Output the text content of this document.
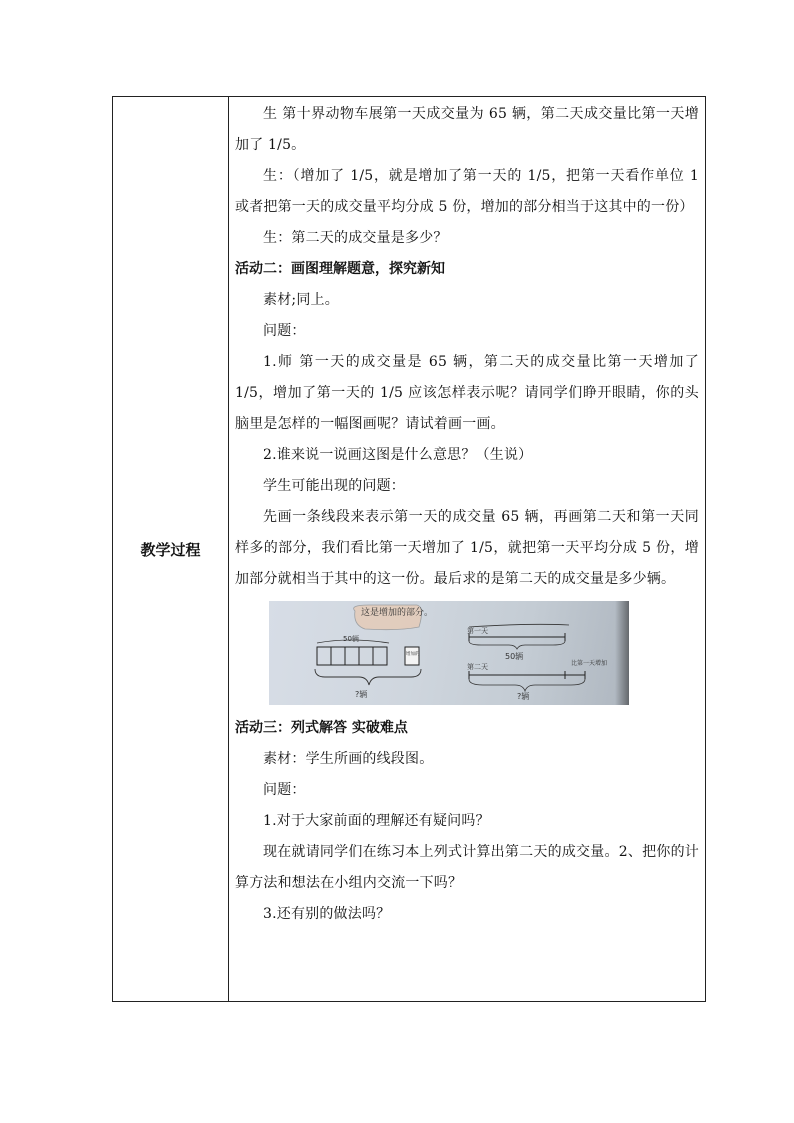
教学过程

生 第十界动物车展第一天成交量为 65 辆，第二天成交量比第一天增加了 1/5。

生：（增加了 1/5，就是增加了第一天的 1/5，把第一天看作单位 1 或者把第一天的成交量平均分成 5 份，增加的部分相当于这其中的一份）

生：第二天的成交量是多少？

活动二：画图理解题意，探究新知

素材;同上。

问题：

1.师 第一天的成交量是 65 辆，第二天的成交量比第一天增加了 1/5，增加了第一天的 1/5 应该怎样表示呢？请同学们睁开眼睛，你的头脑里是怎样的一幅图画呢？请试着画一画。

2.谁来说一说画这图是什么意思？（生说）

学生可能出现的问题：

先画一条线段来表示第一天的成交量 65 辆，再画第二天和第一天同样多的部分，我们看比第一天增加了 1/5，就把第一天平均分成 5 份，增加部分就相当于其中的这一份。最后求的是第二天的成交量是多少辆。

这是增加的部分。
50辆
增加的
?辆
第一天
50辆
第二天	比第一天增加
?辆

活动三：列式解答 实破难点

素材：学生所画的线段图。

问题：

1.对于大家前面的理解还有疑问吗？

现在就请同学们在练习本上列式计算出第二天的成交量。2、把你的计算方法和想法在小组内交流一下吗？

3.还有别的做法吗？
